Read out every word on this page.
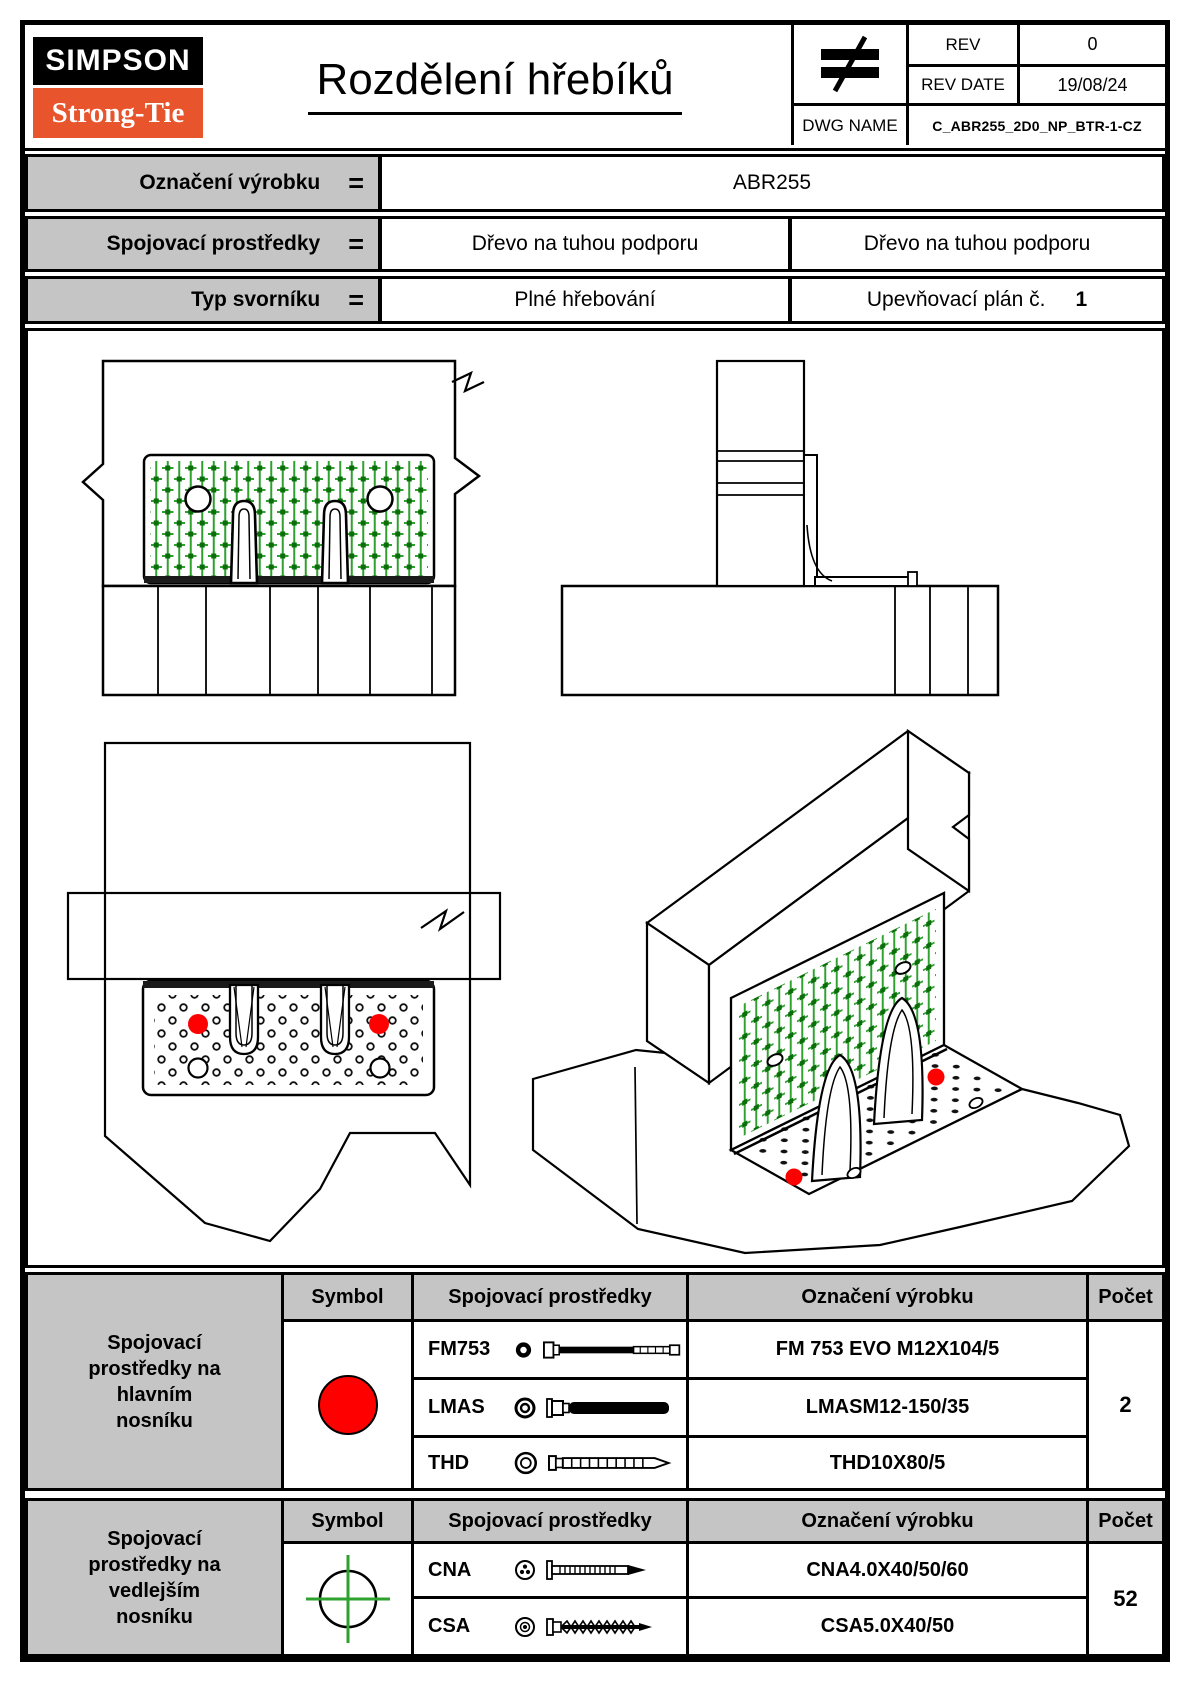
SIMPSON
Strong-Tie
®
Rozdělení hřebíků
REV	0
REV DATE	19/08/24
DWG NAME C_ABR255_2D0_NP_BTR-1-CZ
Označení výrobku =	ABR255
Spojovací prostředky =	Dřevo na tuhou podporu	Dřevo na tuhou podporu
Typ svorníku =	Plné hřebování	Upevňovací plán č. 1
Spojovací prostředky na hlavním nosníku
Symbol	Spojovací prostředky	Označení výrobku	Počet
FM753	FM 753 EVO M12X104/5
LMAS	LMASM12-150/35
THD	THD10X80/5
2
Spojovací prostředky na vedlejším nosníku
Symbol	Spojovací prostředky	Označení výrobku	Počet
CNA	CNA4.0X40/50/60
CSA	CSA5.0X40/50
52
